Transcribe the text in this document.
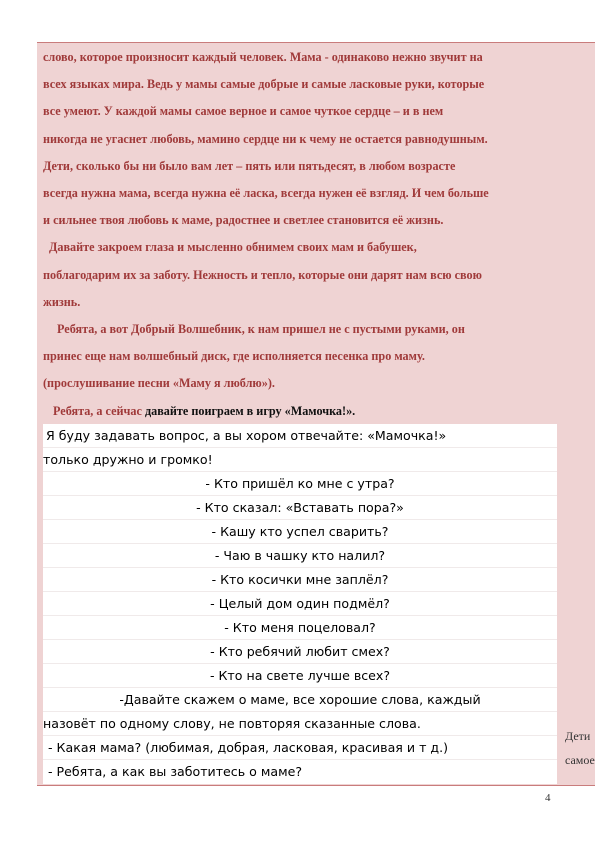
слово, которое произносит каждый человек. Мама - одинаково нежно звучит на

всех языках мира. Ведь у мамы самые добрые и самые ласковые руки, которые

все умеют. У каждой мамы самое верное и самое чуткое сердце – и в нем

никогда не угаснет любовь, мамино сердце ни к чему не остается равнодушным.

Дети, сколько бы ни было вам лет – пять или пятьдесят, в любом возрасте

всегда нужна мама, всегда нужна её ласка, всегда нужен её взгляд. И чем больше

и сильнее твоя любовь к маме, радостнее и светлее становится её жизнь.

Давайте закроем глаза и мысленно обнимем своих мам и бабушек,

поблагодарим их за заботу. Нежность и тепло, которые они дарят нам всю свою

жизнь.

Ребята, а вот Добрый Волшебник, к нам пришел не с пустыми руками, он

принес еще нам волшебный диск, где исполняется песенка про маму.

(прослушивание песни «Маму я люблю»).

Ребята, а сейчас давайте поиграем в игру «Мамочка!».

Я буду задавать вопрос, а вы хором отвечайте: «Мамочка!»
только дружно и громко!
- Кто пришёл ко мне с утра?
- Кто сказал: «Вставать пора?»
- Кашу кто успел сварить?
- Чаю в чашку кто налил?
- Кто косички мне заплёл?
- Целый дом один подмёл?
- Кто меня поцеловал?
- Кто ребячий любит смех?
- Кто на свете лучше всех?
-Давайте скажем о маме, все хорошие слова, каждый
назовёт по одному слову, не повторяя сказанные слова.
- Какая мама? (любимая, добрая, ласковая, красивая и т д.)
- Ребята, а как вы заботитесь о маме?
Дети
самое
4
